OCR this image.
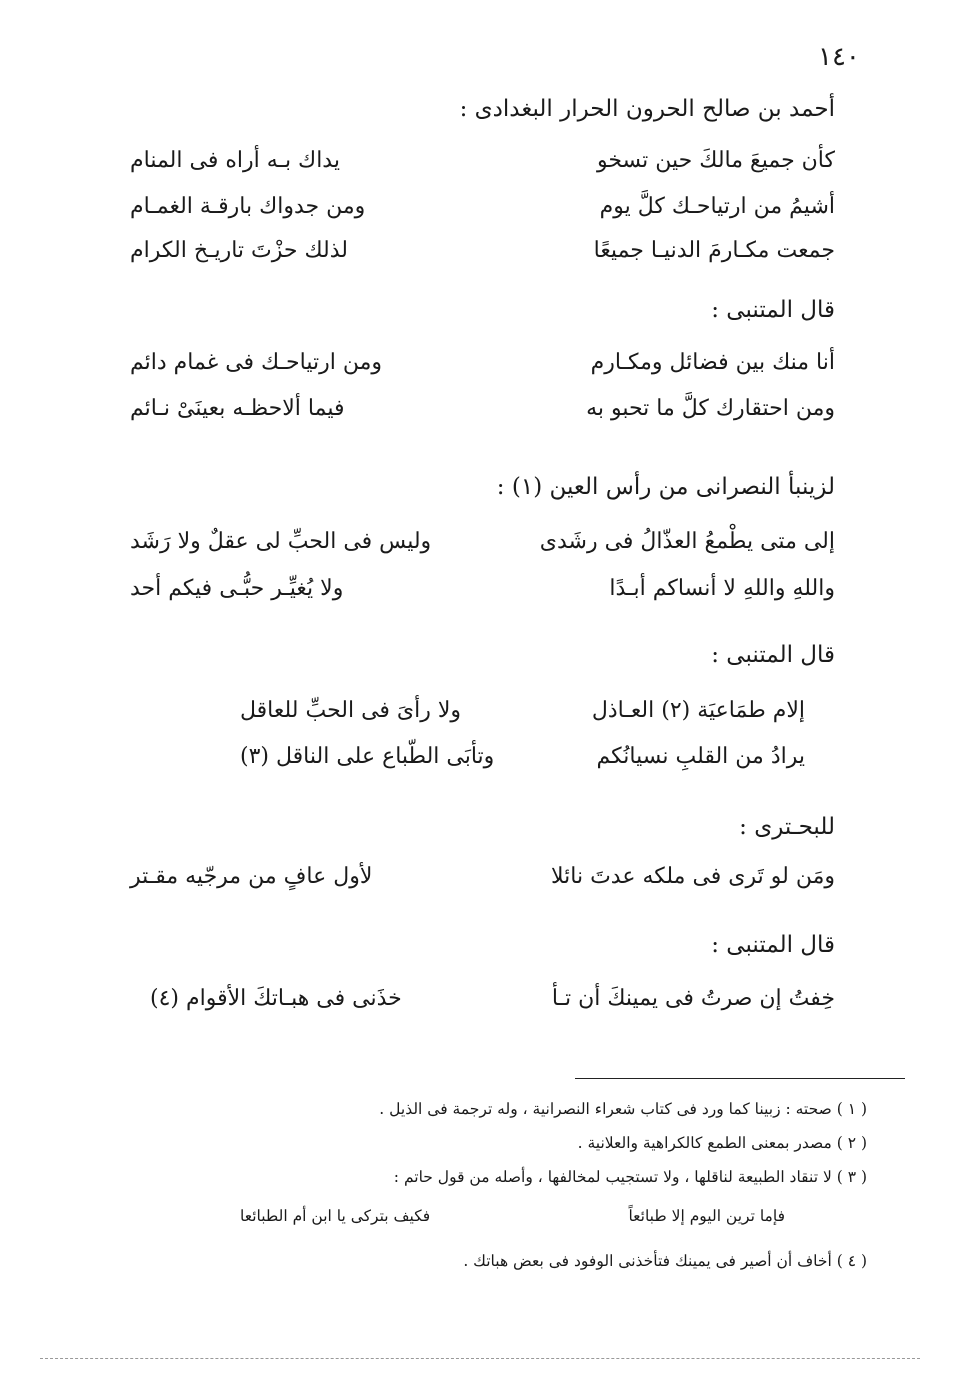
١٤٠
أحمد بن صالح الحرون الحرار البغدادى :
كأن جميعَ مالكَ حين تسخو
يداك بـه أراه فى المنام
أشيمُ من ارتياحـك كلَّ يوم
ومن جدواك بارقـة الغمـام
جمعت مكـارمَ الدنيـا جميعًا
لذلك حزْتَ تاريـخ الكرام
قال المتنبى :
أنا منك بين فضائل ومكـارم
ومن ارتياحـك فى غمام دائم
ومن احتقارك كلَّ ما تحبو به
فيما ألاحظـه بعينَىْ نـائم
لزينبأ النصرانى من رأس العين (١) :
إلى متى يطْمعُ العذّالُ فى رشَدى
وليس فى الحبِّ لى عقلٌ ولا رَشَد
واللهِ واللهِ لا أنساكم أبـدًا
ولا يُغيِّـر حبُّـى فيكم أحد
قال المتنبى :
إلام طمَاعيَة (٢) العـاذل
ولا رأىَ فى الحبِّ للعاقل
يرادُ من القلبِ نسيانُكم
وتأبَى الطّباع على الناقل (٣)
للبحـترى :
ومَن لو تَرى فى ملكه عدتَ نائلا
لأول عافٍ من مرجّيه مقـتر
قال المتنبى :
خِفتُ إن صرتُ فى يمينكَ أن تـأ
خذَنى فى هبـاتكَ الأقوام (٤)
( ١ ) صحته : زبينا كما ورد فى كتاب شعراء النصرانية ، وله ترجمة فى الذيل .
( ٢ ) مصدر بمعنى الطمع كالكراهية والعلانية .
( ٣ ) لا تنقاد الطبيعة لناقلها ، ولا تستجيب لمخالفها ، وأصله من قول حاتم :
فإما ترين اليوم إلا طبائعاً
فكيف بتركى يا ابن أم الطبائعا
( ٤ ) أخاف أن أصير فى يمينك فتأخذنى الوفود فى بعض هباتك .
